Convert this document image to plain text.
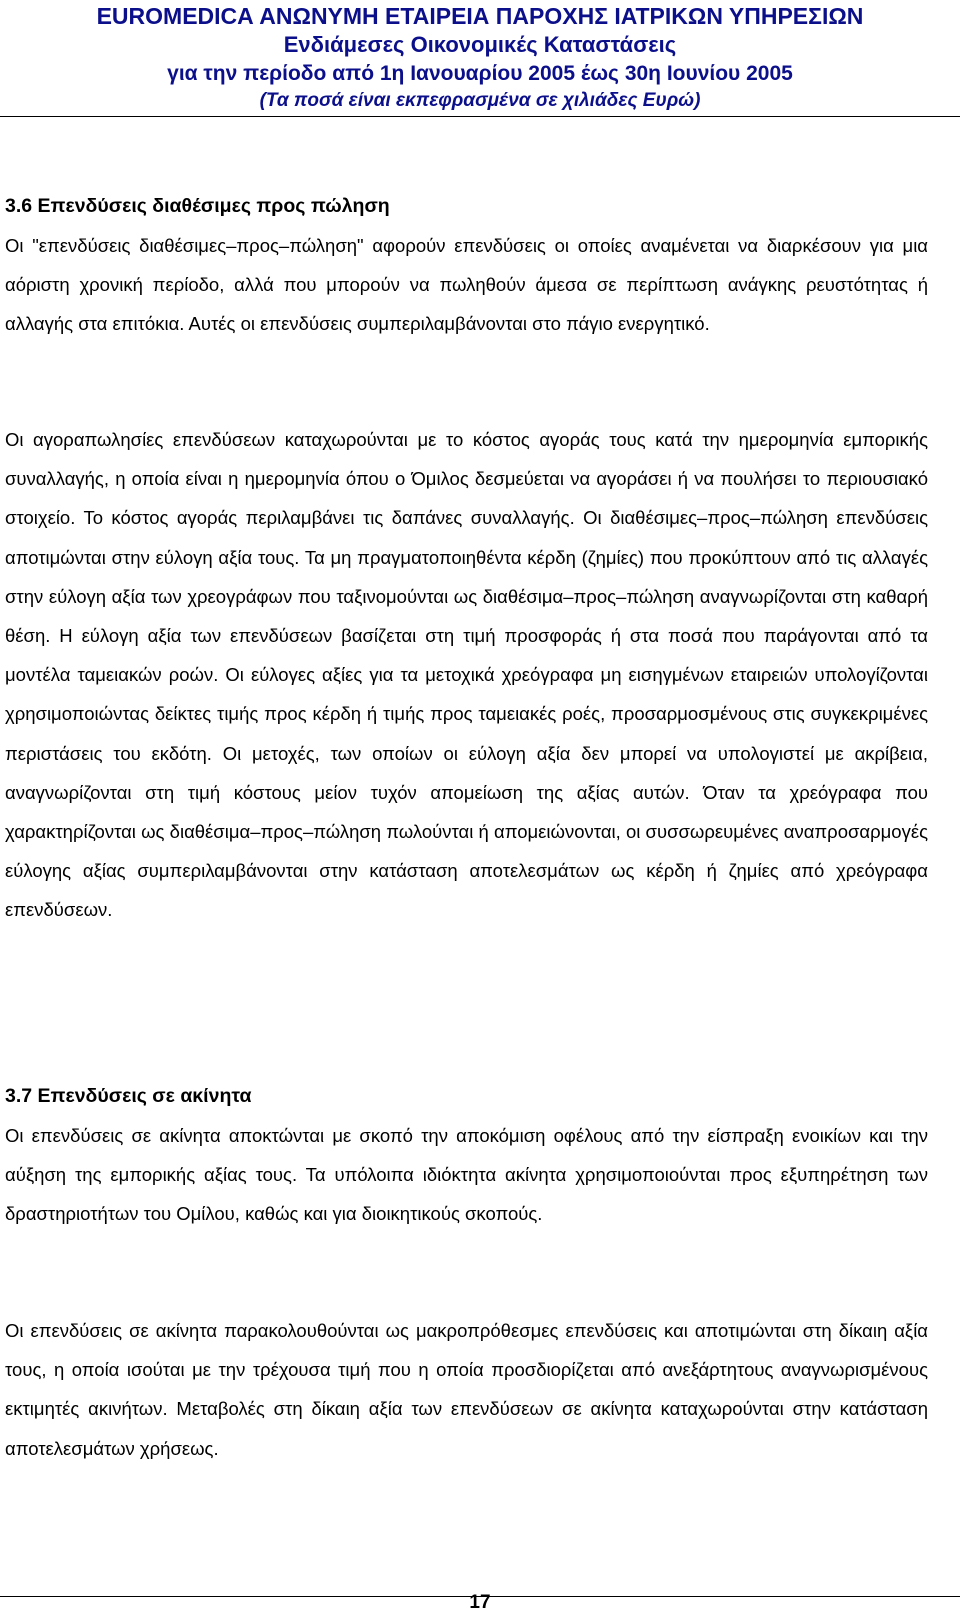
EUROMEDICA ΑΝΩΝΥΜΗ ΕΤΑΙΡΕΙΑ ΠΑΡΟΧΗΣ ΙΑΤΡΙΚΩΝ ΥΠΗΡΕΣΙΩΝ
Ενδιάμεσες Οικονομικές Καταστάσεις
για την περίοδο από 1η Ιανουαρίου 2005 έως 30η Ιουνίου 2005
(Τα ποσά είναι εκπεφρασμένα σε χιλιάδες Ευρώ)
3.6 Επενδύσεις διαθέσιμες προς πώληση

Οι "επενδύσεις διαθέσιμες–προς–πώληση" αφορούν επενδύσεις οι οποίες αναμένεται να διαρκέσουν για μια αόριστη χρονική περίοδο, αλλά που μπορούν να πωληθούν άμεσα σε περίπτωση ανάγκης ρευστότητας ή αλλαγής στα επιτόκια. Αυτές οι επενδύσεις συμπεριλαμβάνονται στο πάγιο ενεργητικό.

Οι αγοραπωλησίες επενδύσεων καταχωρούνται με το κόστος αγοράς τους κατά την ημερομηνία εμπορικής συναλλαγής, η οποία είναι η ημερομηνία όπου ο Όμιλος δεσμεύεται να αγοράσει ή να πουλήσει το περιουσιακό στοιχείο. Το κόστος αγοράς περιλαμβάνει τις δαπάνες συναλλαγής. Οι διαθέσιμες–προς–πώληση επενδύσεις αποτιμώνται στην εύλογη αξία τους. Τα μη πραγματοποιηθέντα κέρδη (ζημίες) που προκύπτουν από τις αλλαγές στην εύλογη αξία των χρεογράφων που ταξινομούνται ως διαθέσιμα–προς–πώληση αναγνωρίζονται στη καθαρή θέση. Η εύλογη αξία των επενδύσεων βασίζεται στη τιμή προσφοράς ή στα ποσά που παράγονται από τα μοντέλα ταμειακών ροών. Οι εύλογες αξίες για τα μετοχικά χρεόγραφα μη εισηγμένων εταιρειών υπολογίζονται χρησιμοποιώντας δείκτες τιμής προς κέρδη ή τιμής προς ταμειακές ροές, προσαρμοσμένους στις συγκεκριμένες περιστάσεις του εκδότη. Οι μετοχές, των οποίων οι εύλογη αξία δεν μπορεί να υπολογιστεί με ακρίβεια, αναγνωρίζονται στη τιμή κόστους μείον τυχόν απομείωση της αξίας αυτών. Όταν τα χρεόγραφα που χαρακτηρίζονται ως διαθέσιμα–προς–πώληση πωλούνται ή απομειώνονται, οι συσσωρευμένες αναπροσαρμογές εύλογης αξίας συμπεριλαμβάνονται στην κατάσταση αποτελεσμάτων ως κέρδη ή ζημίες από χρεόγραφα επενδύσεων.

3.7 Επενδύσεις σε ακίνητα

Οι επενδύσεις σε ακίνητα αποκτώνται με σκοπό την αποκόμιση οφέλους από την είσπραξη ενοικίων και την αύξηση της εμπορικής αξίας τους. Τα υπόλοιπα ιδιόκτητα ακίνητα χρησιμοποιούνται προς εξυπηρέτηση των δραστηριοτήτων του Ομίλου, καθώς και για διοικητικούς σκοπούς.

Οι επενδύσεις σε ακίνητα παρακολουθούνται ως μακροπρόθεσμες επενδύσεις και αποτιμώνται στη δίκαιη αξία τους, η οποία ισούται με την τρέχουσα τιμή που η οποία προσδιορίζεται από ανεξάρτητους αναγνωρισμένους εκτιμητές ακινήτων. Μεταβολές στη δίκαιη αξία των επενδύσεων σε ακίνητα καταχωρούνται στην κατάσταση αποτελεσμάτων χρήσεως.

17
